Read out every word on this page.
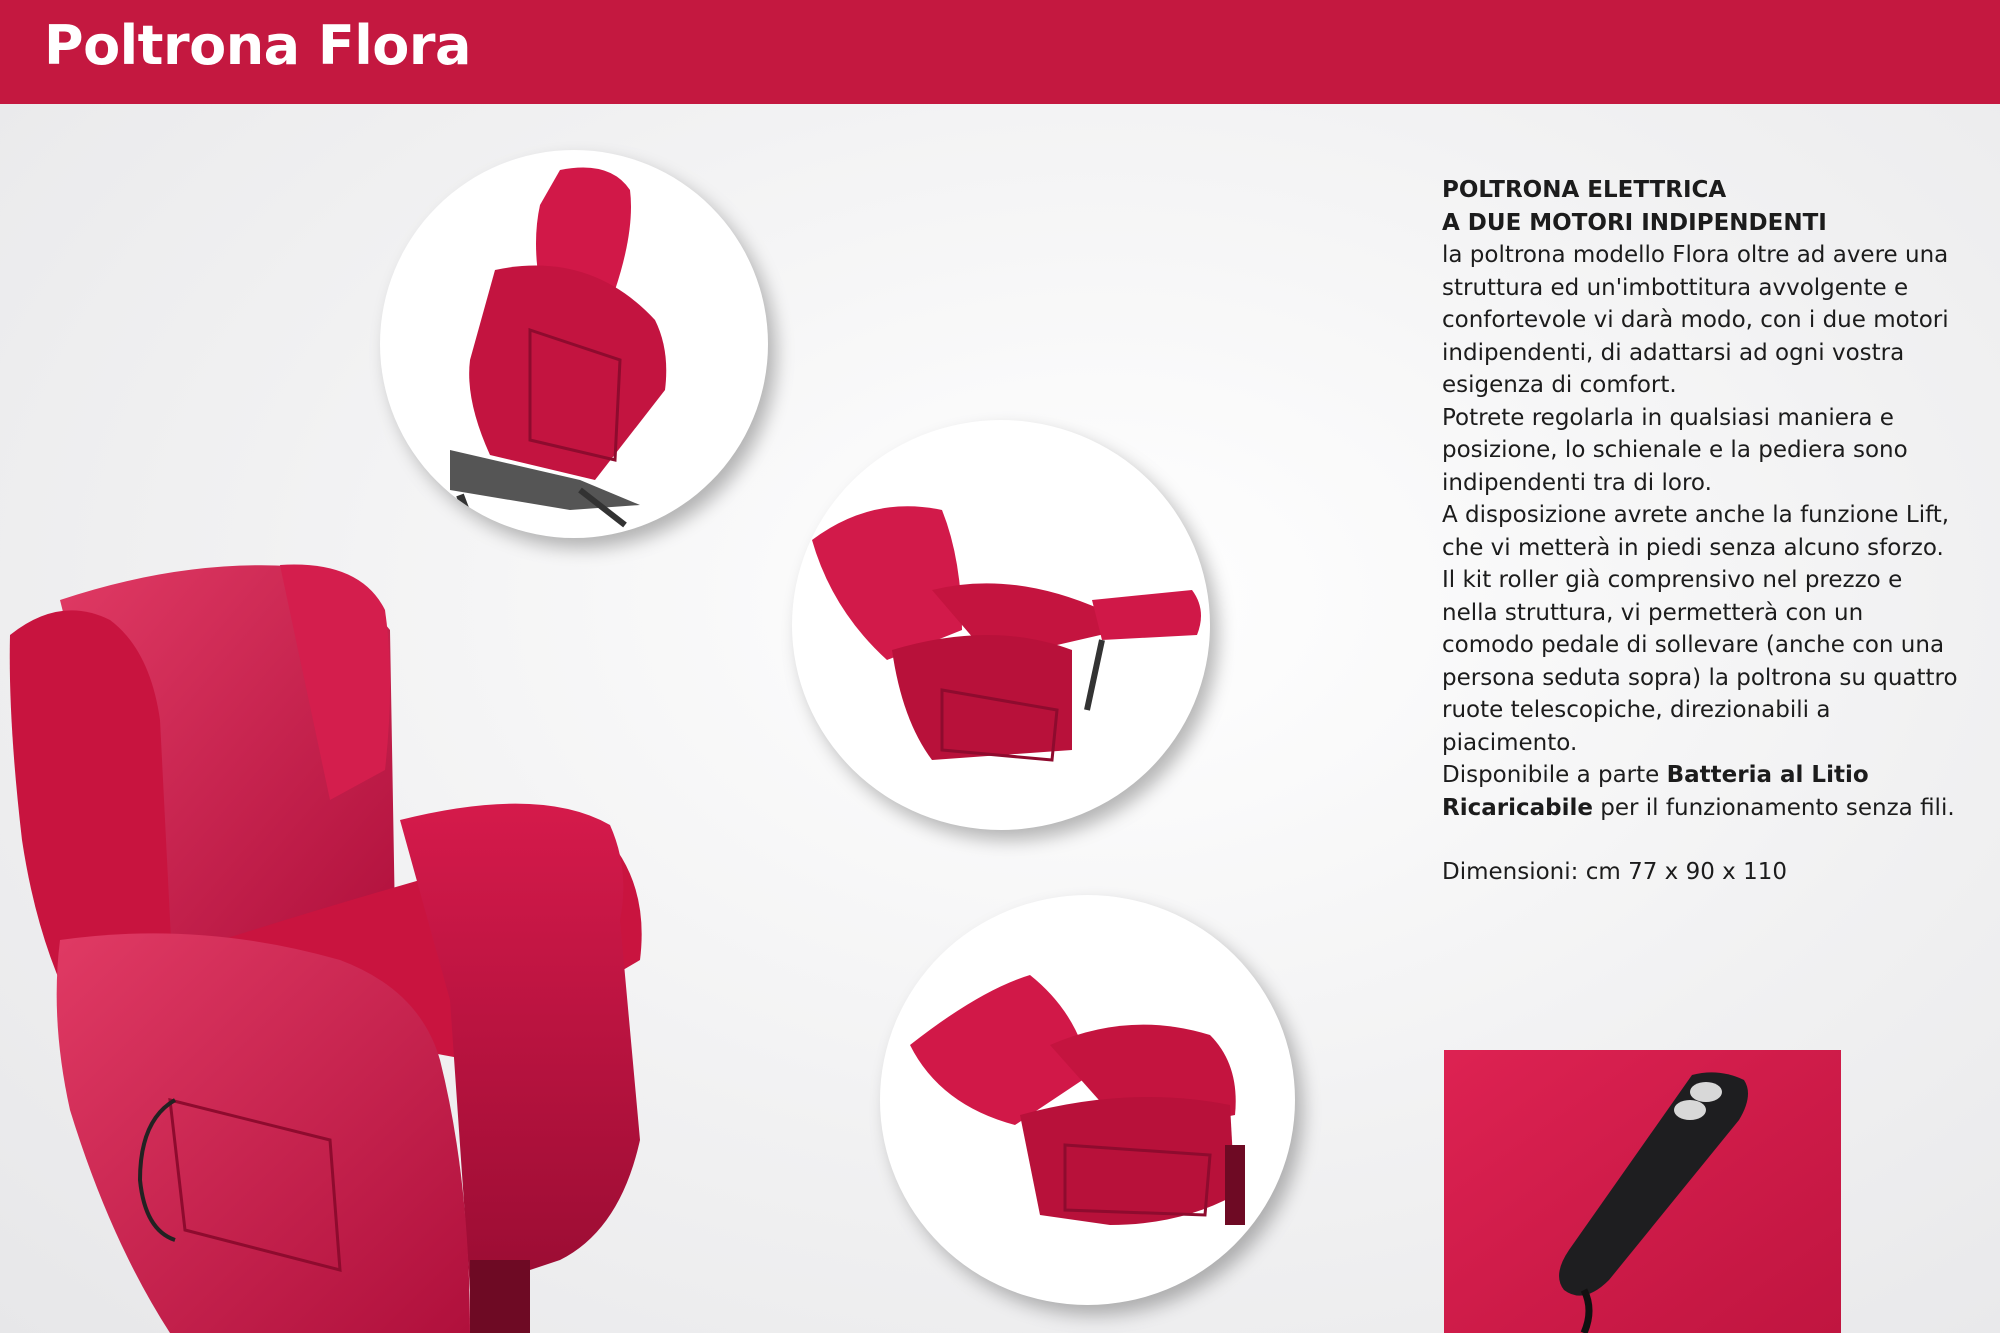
Poltrona Flora

POLTRONA ELETTRICA

A DUE MOTORI INDIPENDENTI

la poltrona modello Flora oltre ad avere una struttura ed un'imbottitura avvolgente e confortevole vi darà modo, con i due motori indipendenti, di adattarsi ad ogni vostra esigenza di comfort.

Potrete regolarla in qualsiasi maniera e posizione, lo schienale e la pediera sono indipendenti tra di loro.

A disposizione avrete anche la funzione Lift, che vi metterà in piedi senza alcuno sforzo.

Il kit roller già comprensivo nel prezzo e nella struttura, vi permetterà con un comodo pedale di sollevare (anche con una persona seduta sopra) la poltrona su quattro ruote telescopiche, direzionabili a piacimento.

Disponibile a parte Batteria al Litio Ricaricabile per il funzionamento senza fili.

Dimensioni: cm 77 x 90 x 110
